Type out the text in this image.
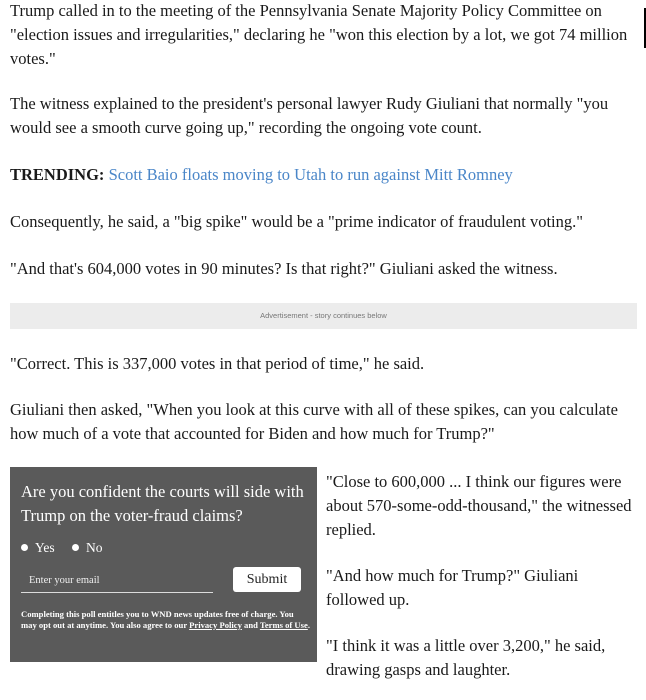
Trump called in to the meeting of the Pennsylvania Senate Majority Policy Committee on "election issues and irregularities," declaring he "won this election by a lot, we got 74 million votes."

The witness explained to the president's personal lawyer Rudy Giuliani that normally "you would see a smooth curve going up," recording the ongoing vote count.

TRENDING: Scott Baio floats moving to Utah to run against Mitt Romney

Consequently, he said, a "big spike" would be a "prime indicator of fraudulent voting."

"And that's 604,000 votes in 90 minutes? Is that right?" Giuliani asked the witness.

Advertisement - story continues below

"Correct. This is 337,000 votes in that period of time," he said.

Giuliani then asked, "When you look at this curve with all of these spikes, can you calculate how much of a vote that accounted for Biden and how much for Trump?"

Are you confident the courts will side with Trump on the voter-fraud claims?
Yes
No
Enter your email	Submit
Completing this poll entitles you to WND news updates free of charge. You may opt out at anytime. You also agree to our Privacy Policy and Terms of Use.

"Close to 600,000 ... I think our figures were about 570-some-odd-thousand," the witnessed replied.

"And how much for Trump?" Giuliani followed up.

"I think it was a little over 3,200," he said, drawing gasps and laughter.
